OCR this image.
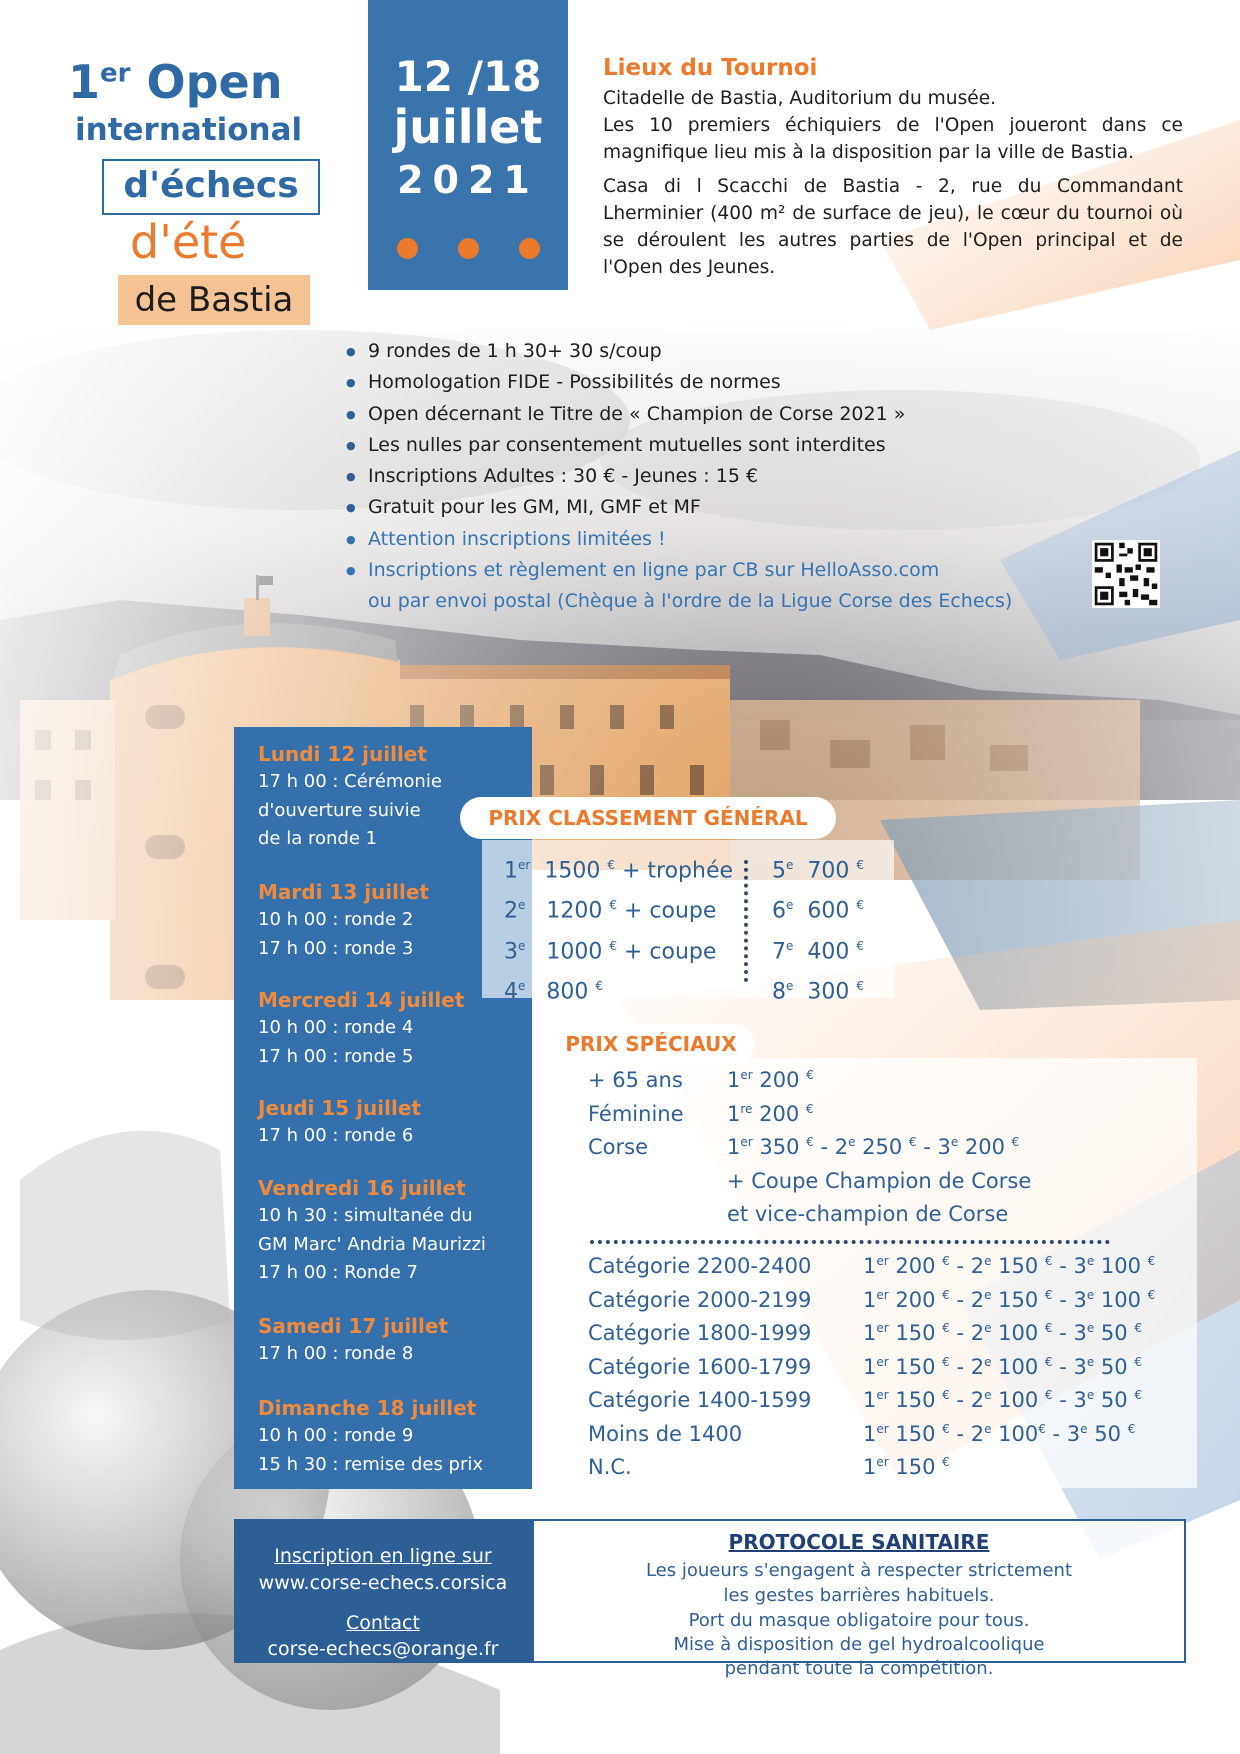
1er Open
international
d'échecs
d'été
de Bastia
12 /18
juillet
2021
Lieux du Tournoi

Citadelle de Bastia, Auditorium du musée.

Les 10 premiers échiquiers de l'Open joueront dans ce magnifique lieu mis à la disposition par la ville de Bastia.

Casa di l Scacchi de Bastia - 2, rue du Commandant Lherminier (400 m² de surface de jeu), le cœur du tournoi où se déroulent les autres parties de l'Open principal et de l'Open des Jeunes.

● 9 rondes de 1 h 30+ 30 s/coup
● Homologation FIDE - Possibilités de normes
● Open décernant le Titre de « Champion de Corse 2021 »
● Les nulles par consentement mutuelles sont interdites
● Inscriptions Adultes : 30 € - Jeunes : 15 €
● Gratuit pour les GM, MI, GMF et MF
● Attention inscriptions limitées !
● Inscriptions et règlement en ligne par CB sur HelloAsso.com
ou par envoi postal (Chèque à l'ordre de la Ligue Corse des Echecs)
Lundi 12 juillet
17 h 00 : Cérémonie
d'ouverture suivie
de la ronde 1
Mardi 13 juillet
10 h 00 : ronde 2
17 h 00 : ronde 3
Mercredi 14 juillet
10 h 00 : ronde 4
17 h 00 : ronde 5
Jeudi 15 juillet
17 h 00 : ronde 6
Vendredi 16 juillet
10 h 30 : simultanée du
GM Marc' Andria Maurizzi
17 h 00 : Ronde 7
Samedi 17 juillet
17 h 00 : ronde 8
Dimanche 18 juillet
10 h 00 : ronde 9
15 h 30 : remise des prix
PRIX CLASSEMENT GÉNÉRAL
1er 1500 € + trophée
2e 1200 € + coupe
3e 1000 € + coupe
4e 800 €
5e 700 €
6e 600 €
7e 400 €
8e 300 €
PRIX SPÉCIAUX
+ 65 ans 1er 200 €
Féminine 1re 200 €
Corse	1er 350 € - 2e 250 € - 3e 200 €
+ Coupe Champion de Corse
et vice-champion de Corse
Catégorie 2200-2400 1er 200 € - 2e 150 € - 3e 100 €
Catégorie 2000-2199 1er 200 € - 2e 150 € - 3e 100 €
Catégorie 1800-1999 1er 150 € - 2e 100 € - 3e 50 €
Catégorie 1600-1799 1er 150 € - 2e 100 € - 3e 50 €
Catégorie 1400-1599 1er 150 € - 2e 100 € - 3e 50 €
Moins de 1400	1er 150 € - 2e 100€ - 3e 50 €
N.C.	1er 150 €
Inscription en ligne sur
www.corse-echecs.corsica
Contact
corse-echecs@orange.fr
PROTOCOLE SANITAIRE
Les joueurs s'engagent à respecter strictement
les gestes barrières habituels.
Port du masque obligatoire pour tous.
Mise à disposition de gel hydroalcoolique
pendant toute la compétition.
